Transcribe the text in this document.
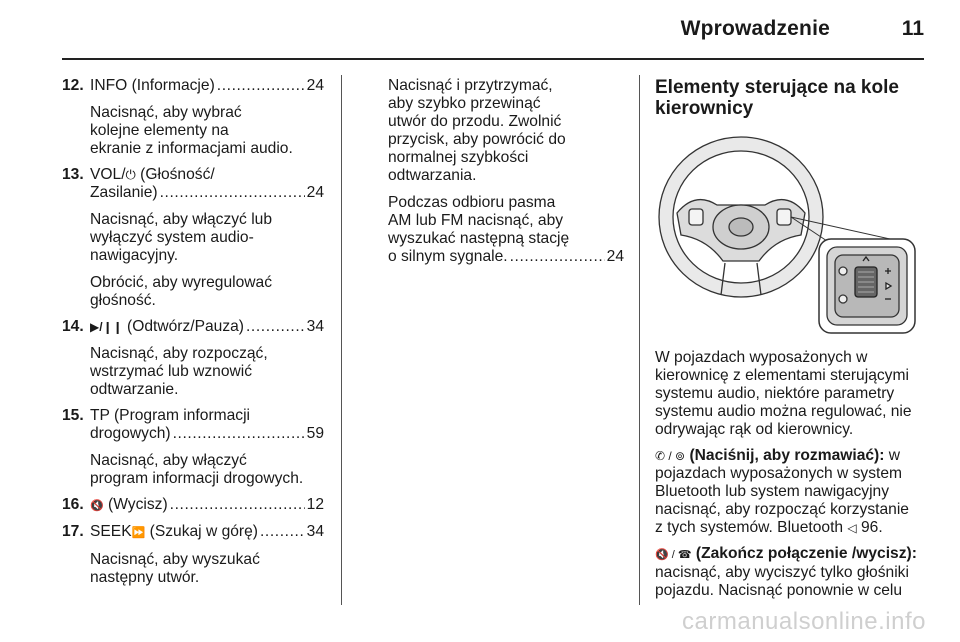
Wprowadzenie	11
12. INFO (Informacje) .....	24

Nacisnąć, aby wybrać
kolejne elementy na
ekranie z informacjami audio.

13. VOL/⏻ (Głośność/

Zasilanie) .....	24

Nacisnąć, aby włączyć lub
wyłączyć system audio-
nawigacyjny.

Obrócić, aby wyregulować
głośność.

14. ▶/❙❙ (Odtwórz/Pauza) .....	34

Nacisnąć, aby rozpocząć,
wstrzymać lub wznowić
odtwarzanie.

15. TP (Program informacji

drogowych) .....	59

Nacisnąć, aby włączyć
program informacji drogowych.

16. 🔇 (Wycisz) .....	12

17. SEEK⏩ (Szukaj w górę) .....	34

Nacisnąć, aby wyszukać
następny utwór.

Nacisnąć i przytrzymać,
aby szybko przewinąć
utwór do przodu. Zwolnić
przycisk, aby powrócić do
normalnej szybkości
odtwarzania.

Podczas odbioru pasma
AM lub FM nacisnąć, aby
wyszukać następną stację

o silnym sygnale. .....	24

Elementy sterujące na kole
kierownicy

W pojazdach wyposażonych w
kierownicę z elementami sterującymi
systemu audio, niektóre parametry
systemu audio można regulować, nie
odrywając rąk od kierownicy.

✆ / ⊚ (Naciśnij, aby rozmawiać): w
pojazdach wyposażonych w system
Bluetooth lub system nawigacyjny
nacisnąć, aby rozpocząć korzystanie
z tych systemów. Bluetooth ◁ 96.

🔇 / ☎ (Zakończ połączenie /wycisz):
nacisnąć, aby wyciszyć tylko głośniki
pojazdu. Nacisnąć ponownie w celu

carmanualsonline.info
